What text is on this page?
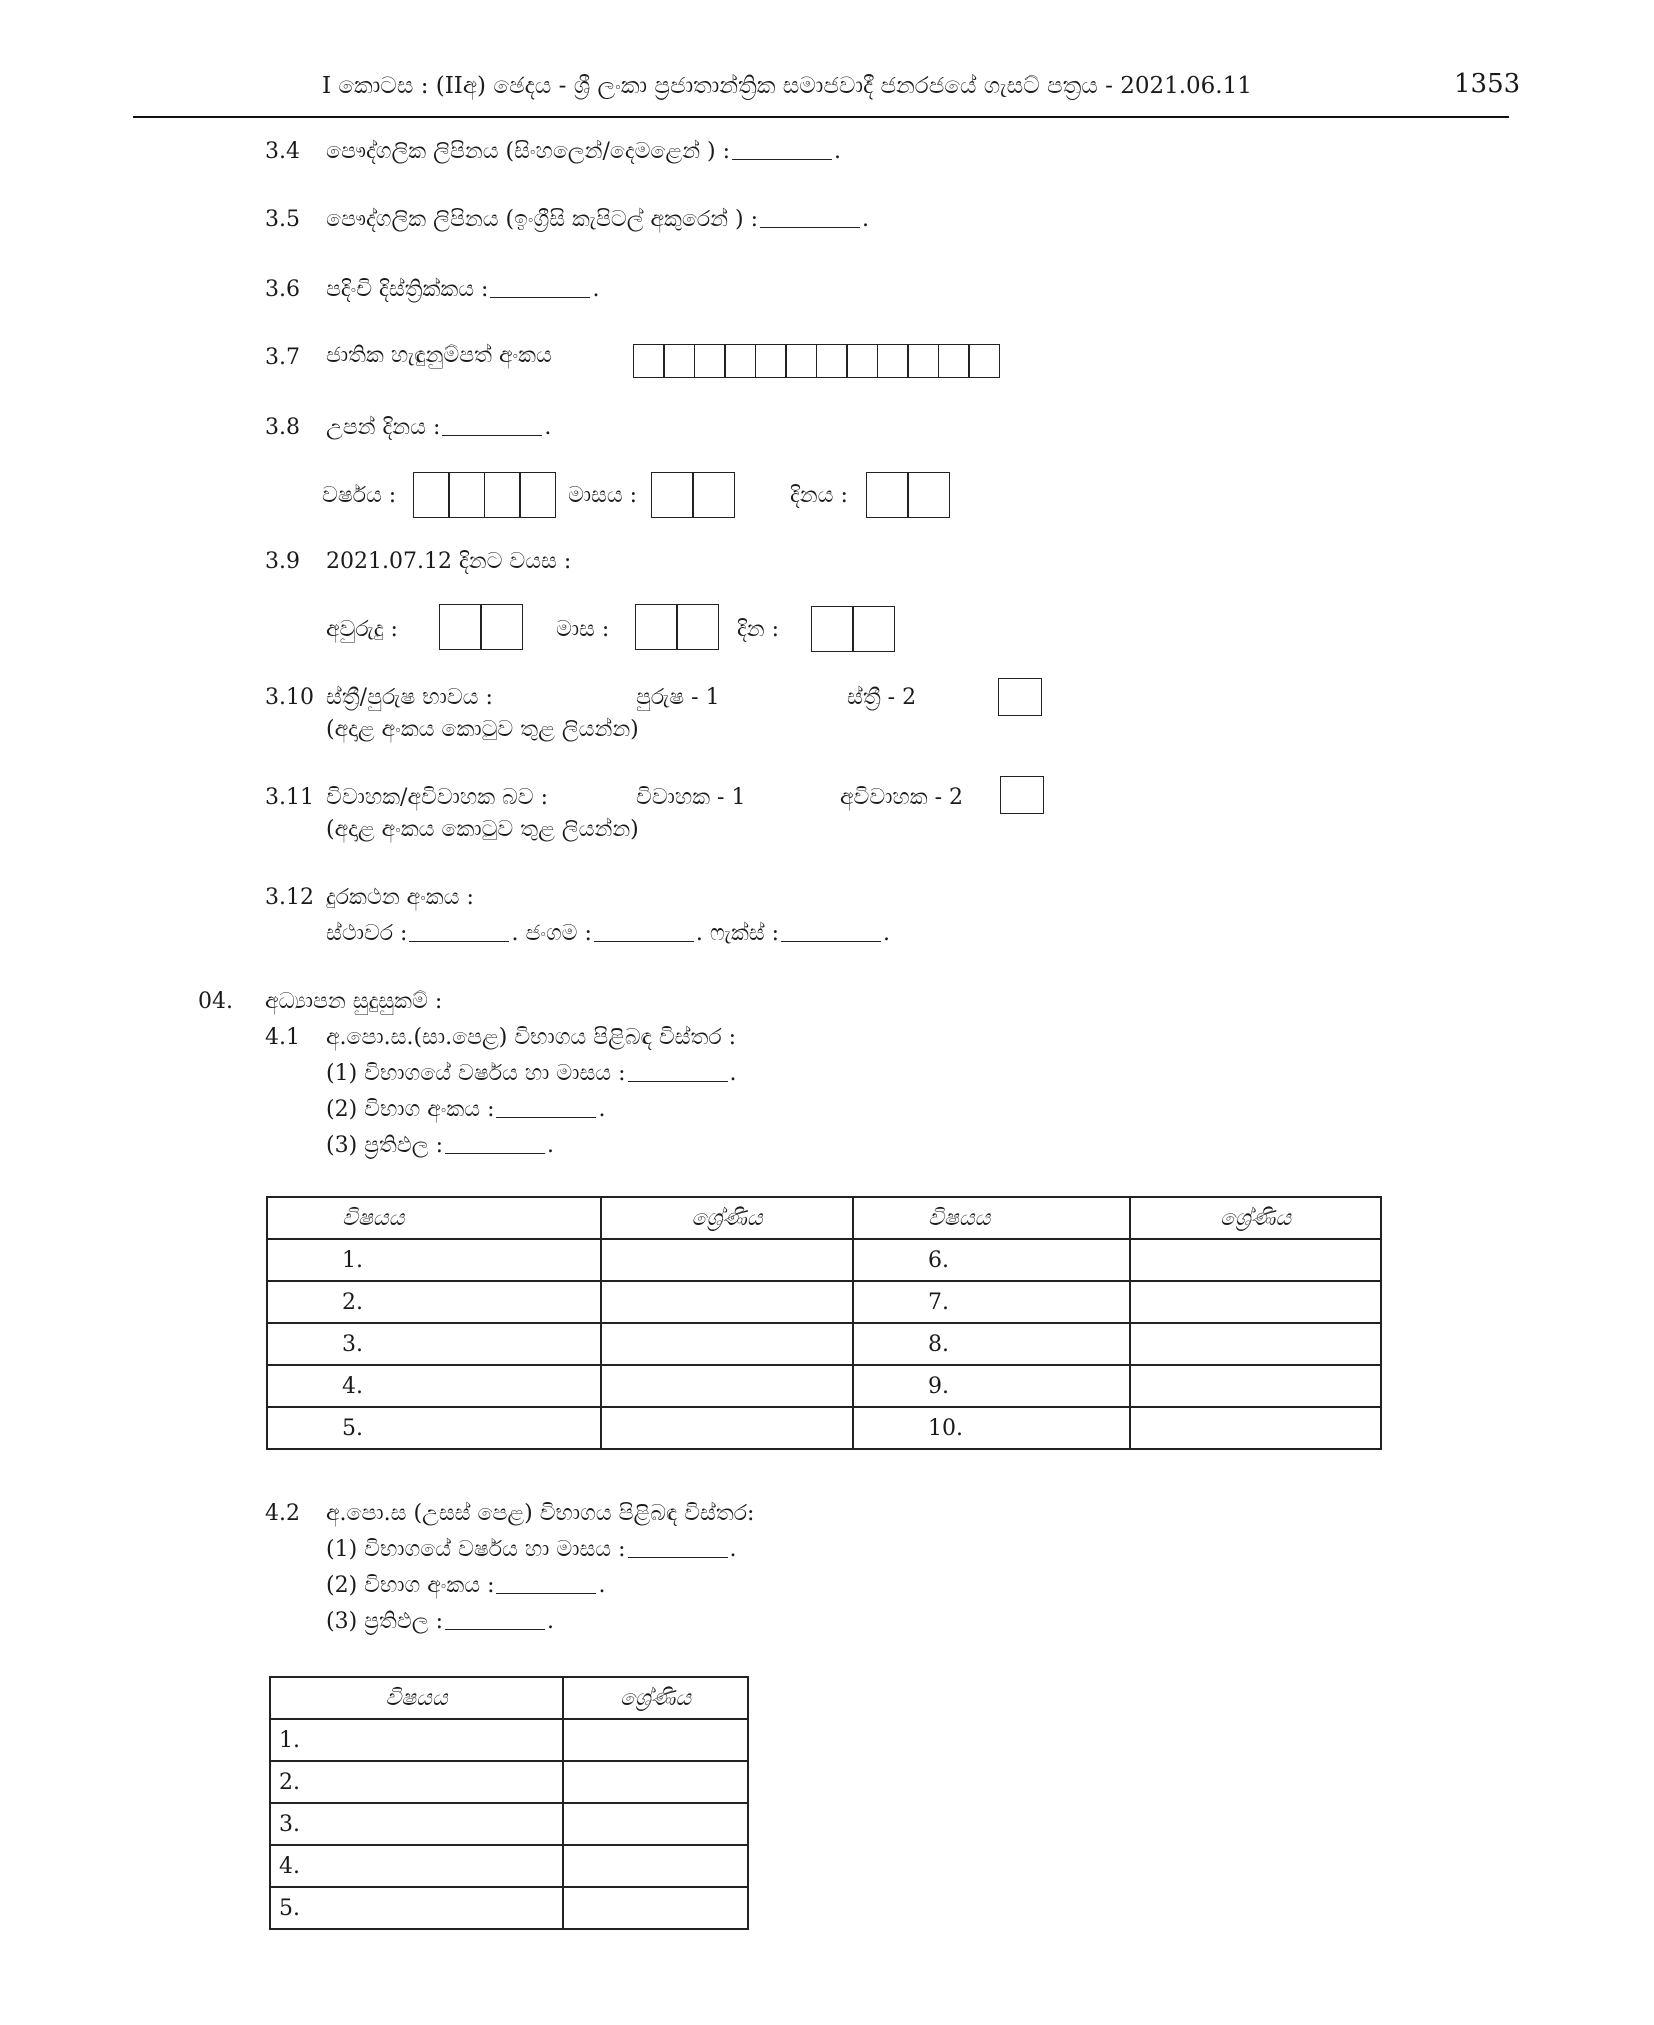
I කොටස : (IIඅ) ඡෙදය - ශ්‍රී ලංකා ප්‍රජාතාන්ත්‍රික සමාජවාදී ජනරජයේ ගැසට් පත්‍රය - 2021.06.11	1353
3.4 පෞද්ගලික ලිපිනය (සිංහලෙන්/දෙමළෙන් ) :	.
3.5 පෞද්ගලික ලිපිනය (ඉංග්‍රීසි කැපිටල් අකුරෙන් ) :	.
3.6 පදිංචි දිස්ත්‍රික්කය :	.
3.7 ජාතික හැඳුනුම්පත් අංකය
3.8 උපන් දිනය :	.
වර්ෂය :	මාසය :	දිනය :
3.9 2021.07.12 දිනට වයස :
අවුරුදු :	මාස :	දින :
3.10 ස්ත්‍රී/පුරුෂ භාවය :	පුරුෂ - 1	ස්ත්‍රී - 2
(අදාළ අංකය කොටුව තුළ ලියන්න)
3.11 විවාහක/අවිවාහක බව :	විවාහක - 1	අවිවාහක - 2
(අදාළ අංකය කොටුව තුළ ලියන්න)
3.12 දුරකථන අංකය :
ස්ථාවර :	. ජංගම :	. ෆැක්ස් :	.
04. අධ්‍යාපන සුදුසුකම් :
4.1 අ.පො.ස.(සා.පෙළ) විභාගය පිළිබඳ විස්තර :
(1) විභාගයේ වර්ෂය හා මාසය :	.
(2) විභාග අංකය :	.
(3) ප්‍රතිඵල :	.
විෂයය	ශ්‍රේණිය	විෂයය	ශ්‍රේණිය
1.		6.	
2.		7.	
3.		8.	
4.		9.	
5.		10.	
4.2 අ.පො.ස (උසස් පෙළ) විභාගය පිළිබඳ විස්තර:
(1) විභාගයේ වර්ෂය හා මාසය :	.
(2) විභාග අංකය :	.
(3) ප්‍රතිඵල :	.
විෂයය	ශ්‍රේණිය
1.	
2.	
3.	
4.	
5.	
